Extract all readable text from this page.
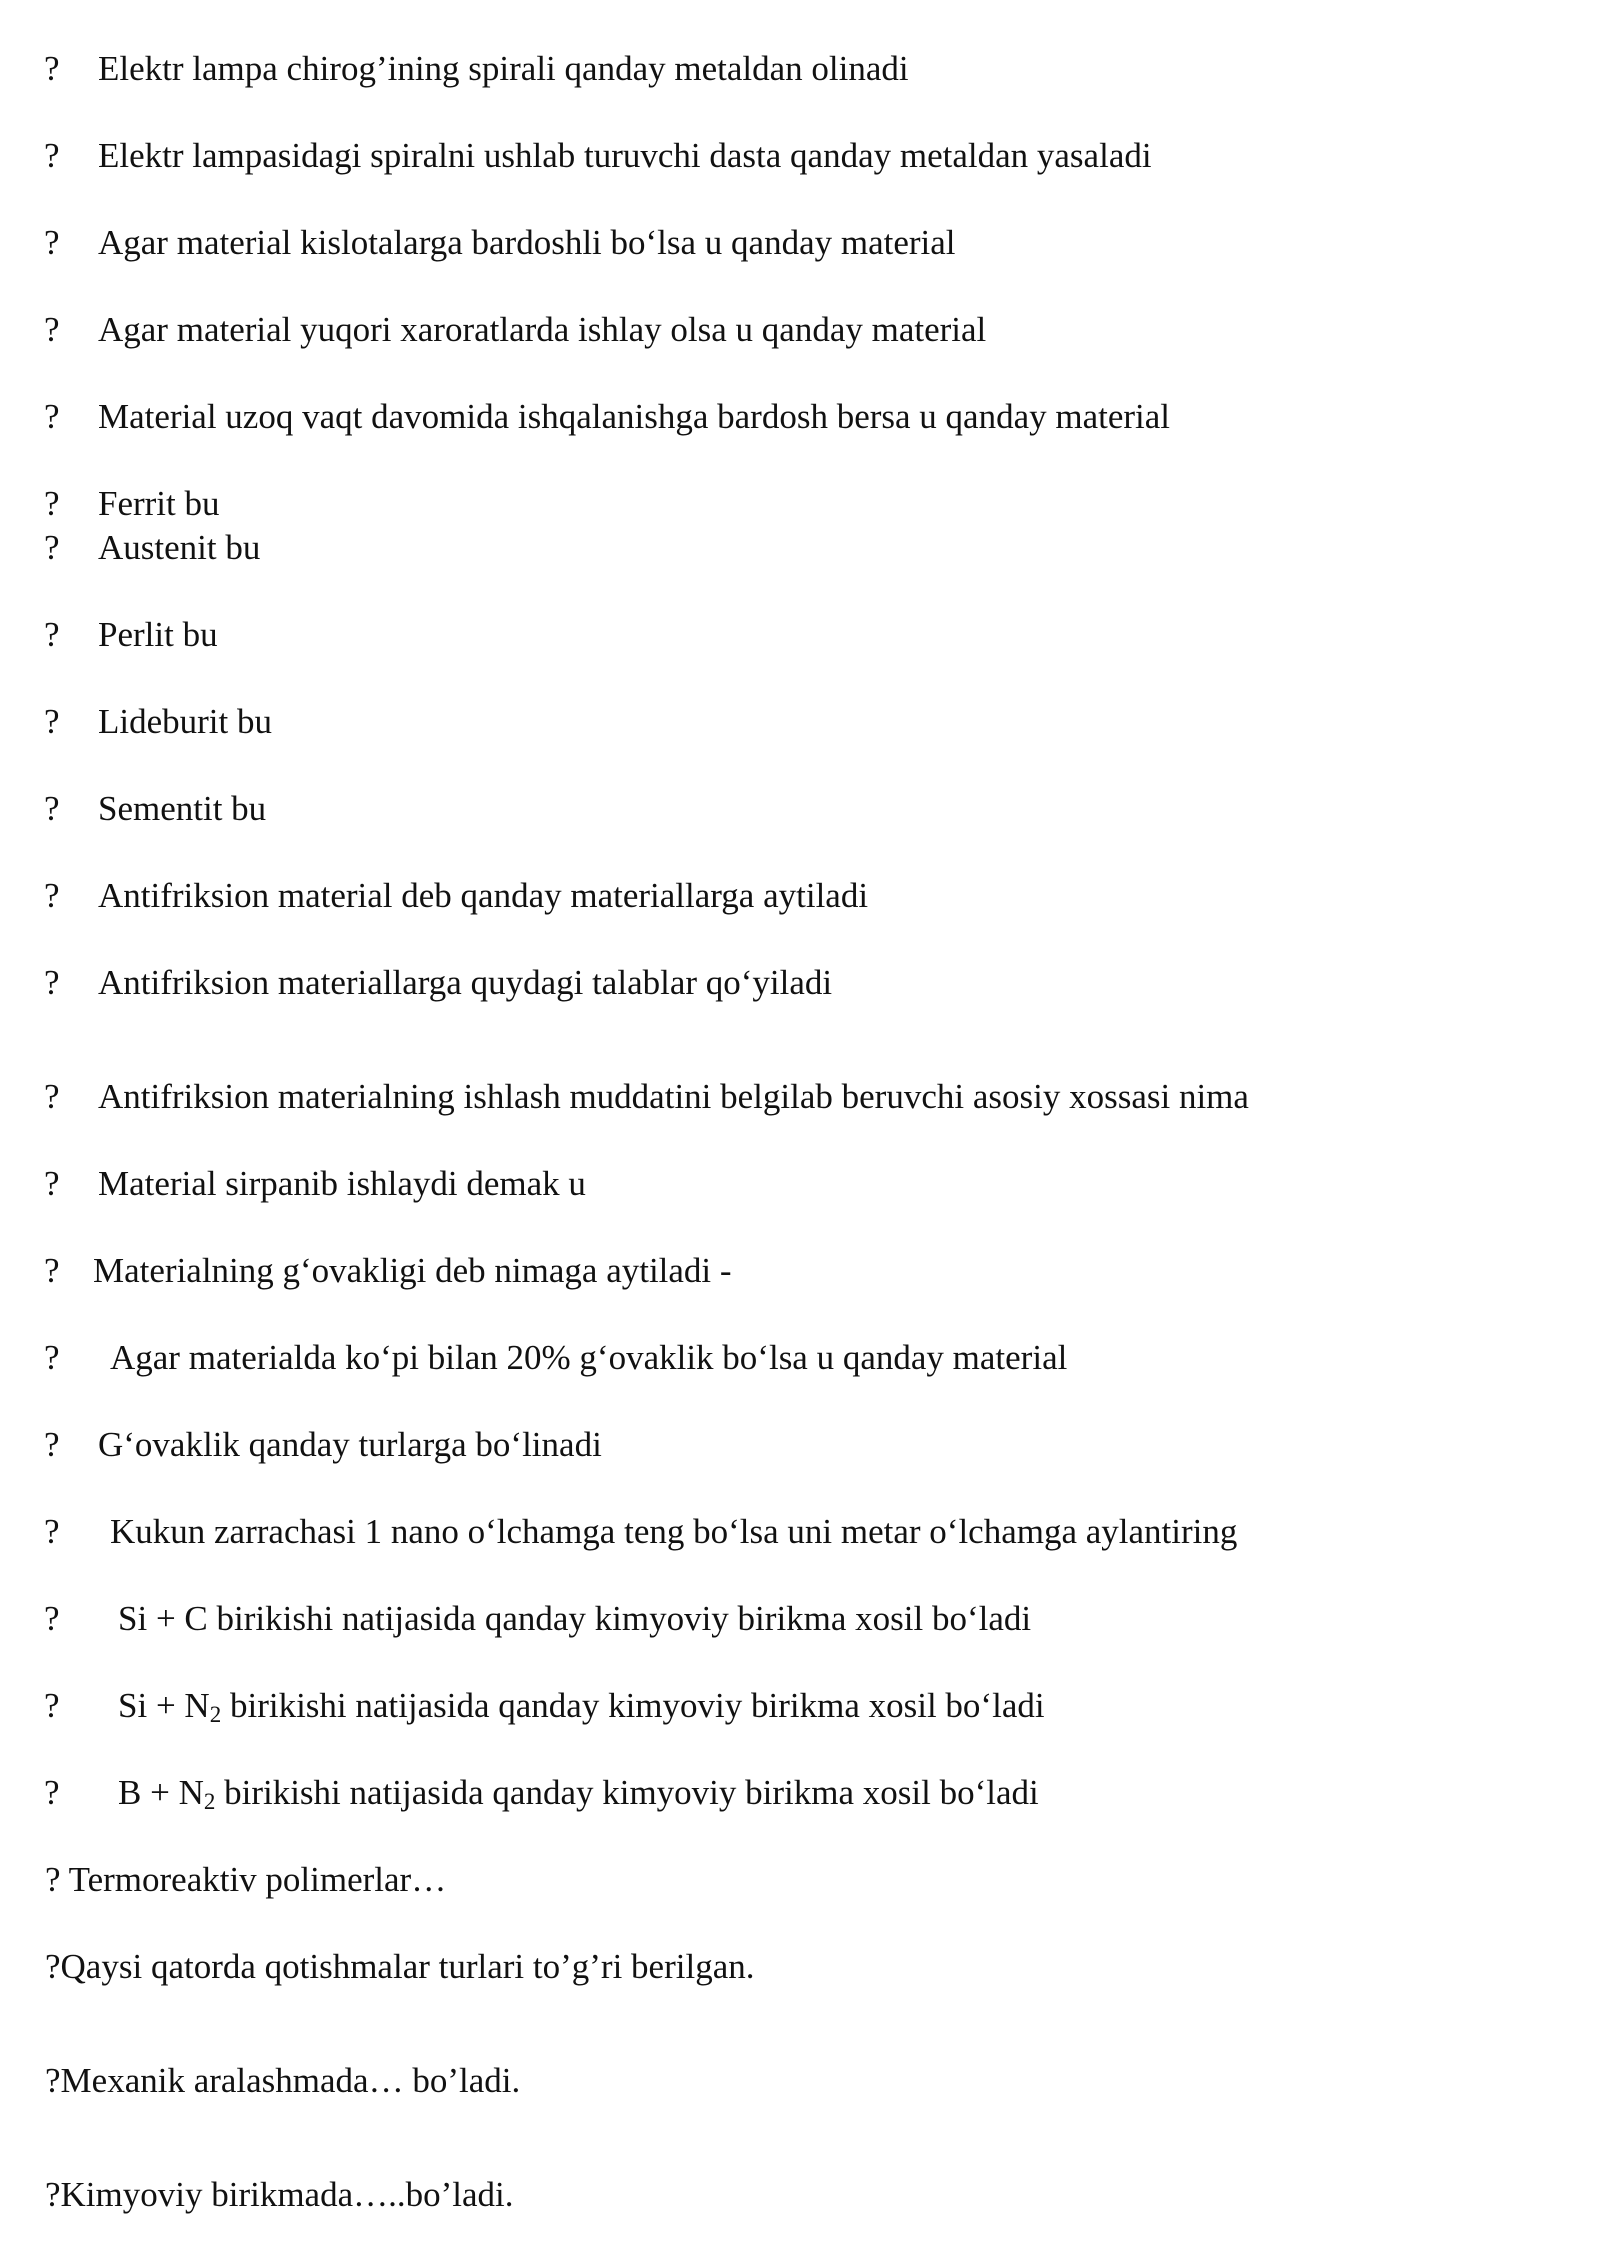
? Elektr lampa chirog’ining spirali qanday metaldan olinadi
? Elektr lampasidagi spiralni ushlab turuvchi dasta qanday metaldan yasaladi
? Agar material kislotalarga bardoshli bo‘lsa u qanday material
? Agar material yuqori xaroratlarda ishlay olsa u qanday material
? Material uzoq vaqt davomida ishqalanishga bardosh bersa u qanday material
? Ferrit bu
? Austenit bu
? Perlit bu
? Lideburit bu
? Sementit bu
? Antifriksion material deb qanday materiallarga aytiladi
? Antifriksion materiallarga quydagi talablar qo‘yiladi
? Antifriksion materialning ishlash muddatini belgilab beruvchi asosiy xossasi nima
? Material sirpanib ishlaydi demak u
? Materialning g‘ovakligi deb nimaga aytiladi -
? Agar materialda ko‘pi bilan 20% g‘ovaklik bo‘lsa u qanday material
? G‘ovaklik qanday turlarga bo‘linadi
? Kukun zarrachasi 1 nano o‘lchamga teng bo‘lsa uni metar o‘lchamga aylantiring
? Si + C birikishi natijasida qanday kimyoviy birikma xosil bo‘ladi
? $Si + N_2$ birikishi natijasida qanday kimyoviy birikma xosil bo‘ladi
? $B + N_2$ birikishi natijasida qanday kimyoviy birikma xosil bo‘ladi
? Termoreaktiv polimerlar…
?Qaysi qatorda qotishmalar turlari to’g’ri berilgan.
?Mexanik aralashmada… bo’ladi.
?Kimyoviy birikmada…..bo’ladi.
